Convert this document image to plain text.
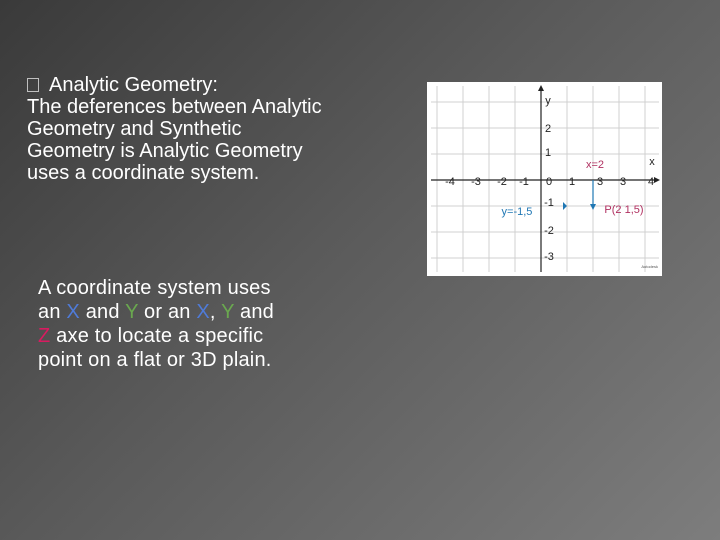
Analytic Geometry:
The deferences between Analytic
Geometry and Synthetic
Geometry is Analytic Geometry
uses a coordinate system.
A coordinate system uses
an X and Y or an X, Y and
Z axe to locate a specific
point on a flat or 3D plain.
x
y
-4 -3 -2 -1 0 1 3 3 4
2
1
-1
-2
-3
x=2
y=-1,5	P(2 1,5)
Autodesk
